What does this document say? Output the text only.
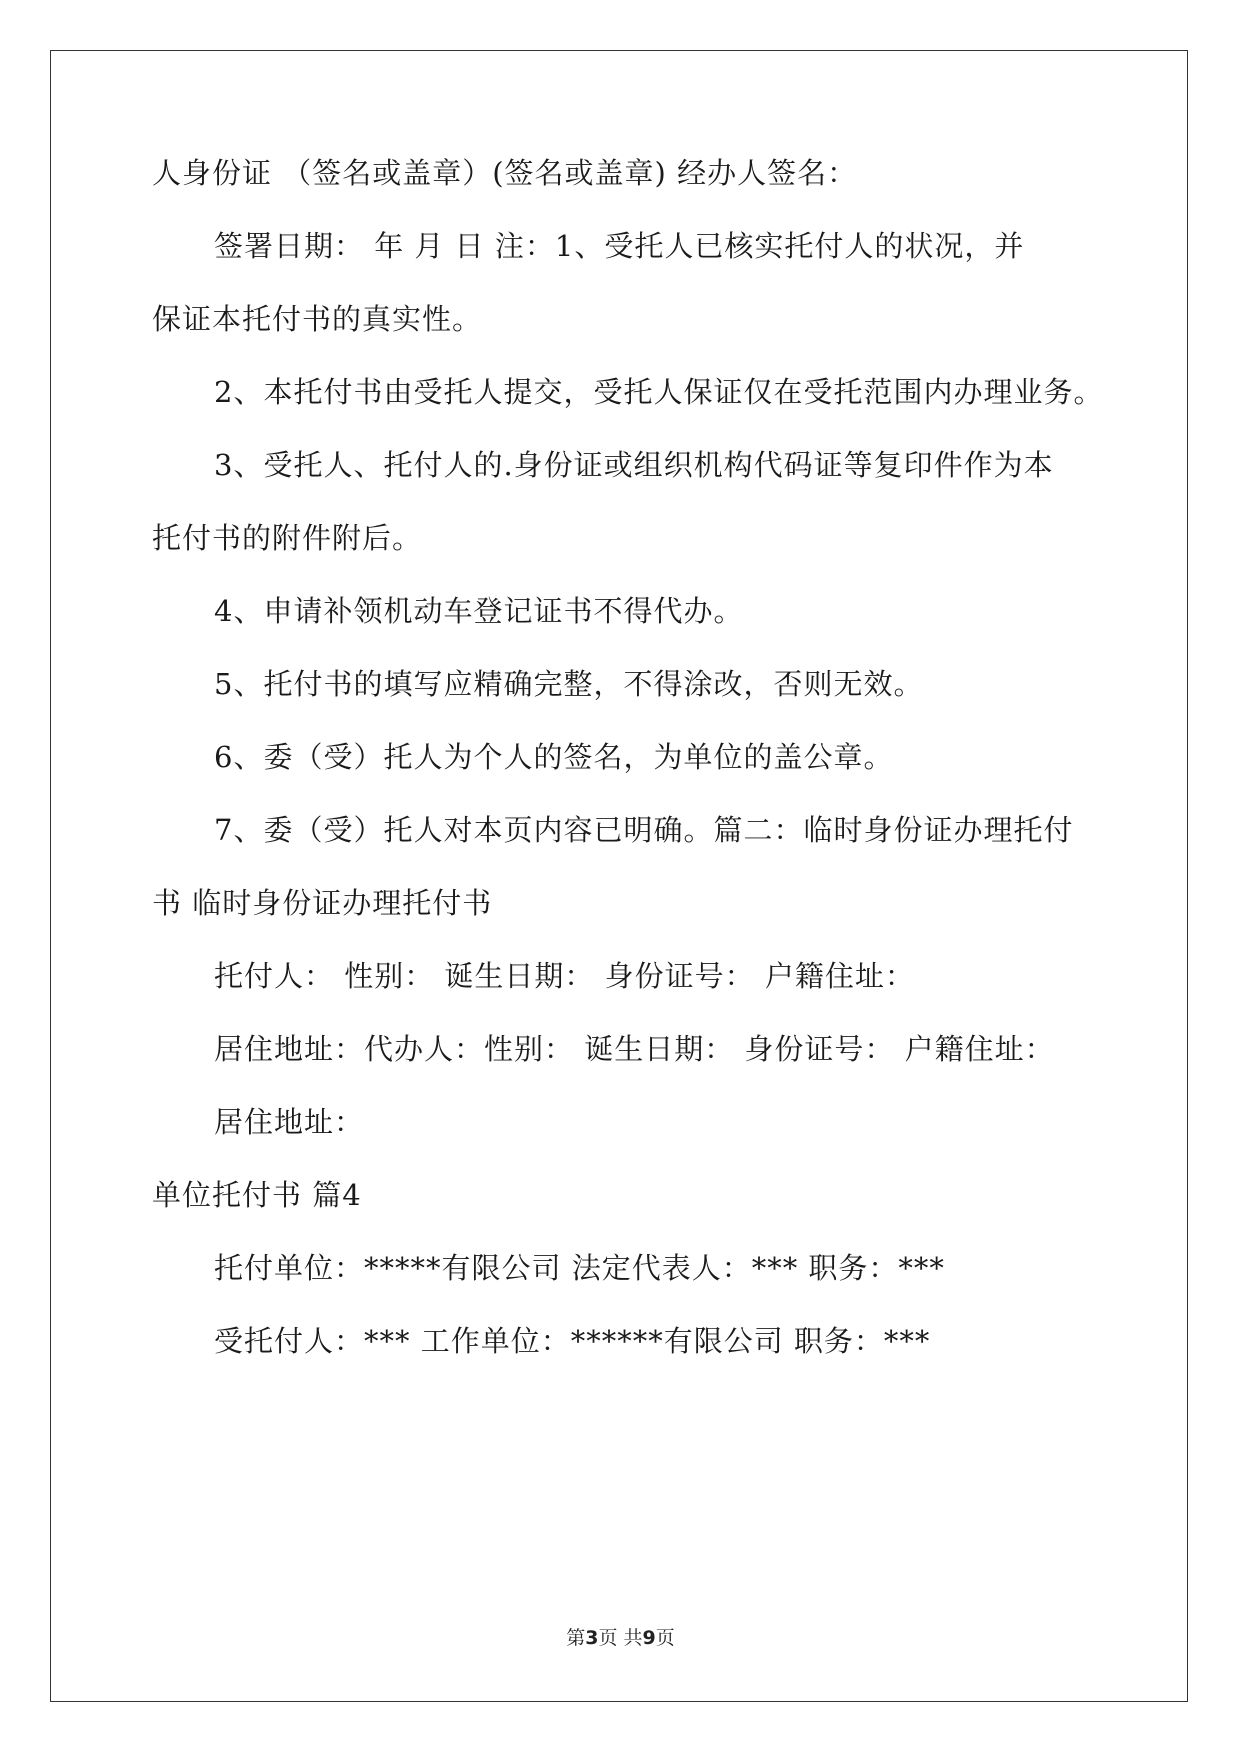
人身份证 （签名或盖章）(签名或盖章) 经办人签名：
签署日期： 年 月 日 注：1、受托人已核实托付人的状况，并
保证本托付书的真实性。
2、本托付书由受托人提交，受托人保证仅在受托范围内办理业务。
3、受托人、托付人的.身份证或组织机构代码证等复印件作为本
托付书的附件附后。
4、申请补领机动车登记证书不得代办。
5、托付书的填写应精确完整，不得涂改，否则无效。
6、委（受）托人为个人的签名，为单位的盖公章。
7、委（受）托人对本页内容已明确。篇二：临时身份证办理托付
书 临时身份证办理托付书
托付人： 性别： 诞生日期： 身份证号： 户籍住址：
居住地址：代办人：性别： 诞生日期： 身份证号： 户籍住址：
居住地址：
单位托付书 篇4
托付单位：*****有限公司 法定代表人：*** 职务：***
受托付人：*** 工作单位：******有限公司 职务：***
第3页 共9页
